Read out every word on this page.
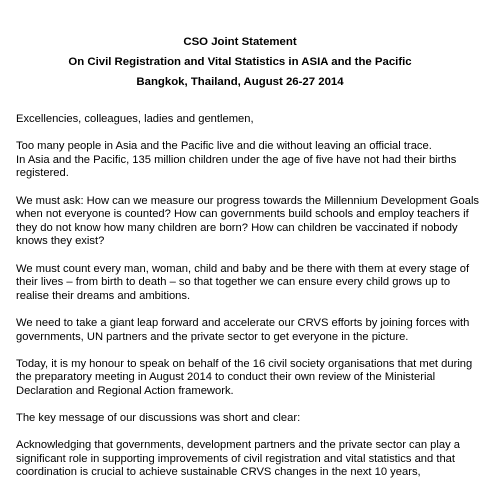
CSO Joint Statement
On Civil Registration and Vital Statistics in ASIA and the Pacific
Bangkok, Thailand, August 26-27 2014

Excellencies, colleagues, ladies and gentlemen,

Too many people in Asia and the Pacific live and die without leaving an official trace.
In Asia and the Pacific, 135 million children under the age of five have not had their births
registered.

We must ask: How can we measure our progress towards the Millennium Development Goals
when not everyone is counted? How can governments build schools and employ teachers if
they do not know how many children are born? How can children be vaccinated if nobody
knows they exist?

We must count every man, woman, child and baby and be there with them at every stage of
their lives – from birth to death – so that together we can ensure every child grows up to
realise their dreams and ambitions.

We need to take a giant leap forward and accelerate our CRVS efforts by joining forces with
governments, UN partners and the private sector to get everyone in the picture.

Today, it is my honour to speak on behalf of the 16 civil society organisations that met during
the preparatory meeting in August 2014 to conduct their own review of the Ministerial
Declaration and Regional Action framework.

The key message of our discussions was short and clear:

Acknowledging that governments, development partners and the private sector can play a
significant role in supporting improvements of civil registration and vital statistics and that
coordination is crucial to achieve sustainable CRVS changes in the next 10 years,
